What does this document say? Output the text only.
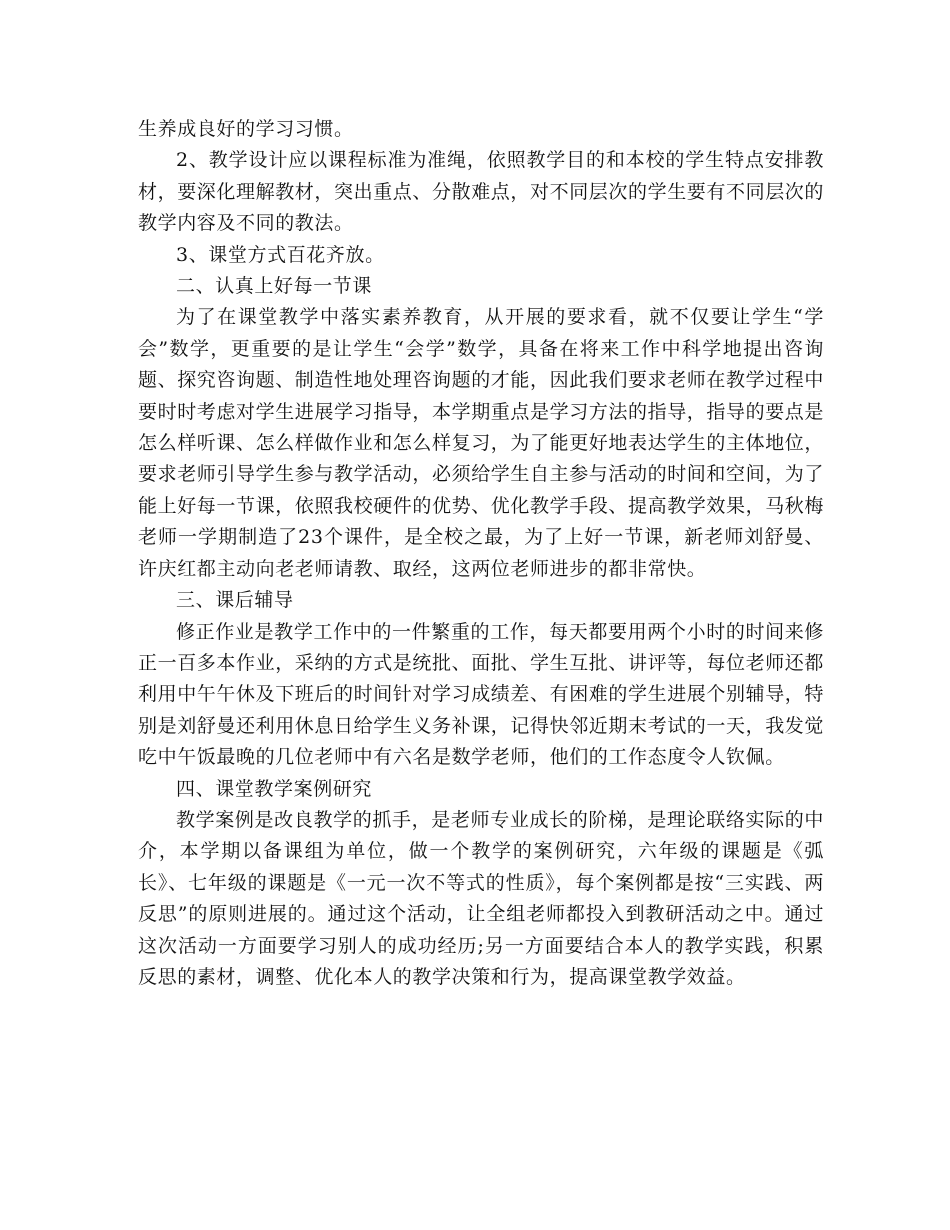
生养成良好的学习习惯。

2、教学设计应以课程标准为准绳，依照教学目的和本校的学生特点安排教材，要深化理解教材，突出重点、分散难点，对不同层次的学生要有不同层次的教学内容及不同的教法。

3、课堂方式百花齐放。

二、认真上好每一节课

为了在课堂教学中落实素养教育，从开展的要求看，就不仅要让学生“学会”数学，更重要的是让学生“会学”数学，具备在将来工作中科学地提出咨询题、探究咨询题、制造性地处理咨询题的才能，因此我们要求老师在教学过程中要时时考虑对学生进展学习指导，本学期重点是学习方法的指导，指导的要点是怎么样听课、怎么样做作业和怎么样复习，为了能更好地表达学生的主体地位，要求老师引导学生参与教学活动，必须给学生自主参与活动的时间和空间，为了能上好每一节课，依照我校硬件的优势、优化教学手段、提高教学效果，马秋梅老师一学期制造了23个课件，是全校之最，为了上好一节课，新老师刘舒曼、许庆红都主动向老老师请教、取经，这两位老师进步的都非常快。

三、课后辅导

修正作业是教学工作中的一件繁重的工作，每天都要用两个小时的时间来修正一百多本作业，采纳的方式是统批、面批、学生互批、讲评等，每位老师还都利用中午午休及下班后的时间针对学习成绩差、有困难的学生进展个别辅导，特别是刘舒曼还利用休息日给学生义务补课，记得快邻近期末考试的一天，我发觉吃中午饭最晚的几位老师中有六名是数学老师，他们的工作态度令人钦佩。

四、课堂教学案例研究

教学案例是改良教学的抓手，是老师专业成长的阶梯，是理论联络实际的中介，本学期以备课组为单位，做一个教学的案例研究，六年级的课题是《弧长》、七年级的课题是《一元一次不等式的性质》，每个案例都是按“三实践、两反思”的原则进展的。通过这个活动，让全组老师都投入到教研活动之中。通过这次活动一方面要学习别人的成功经历;另一方面要结合本人的教学实践，积累反思的素材，调整、优化本人的教学决策和行为，提高课堂教学效益。
